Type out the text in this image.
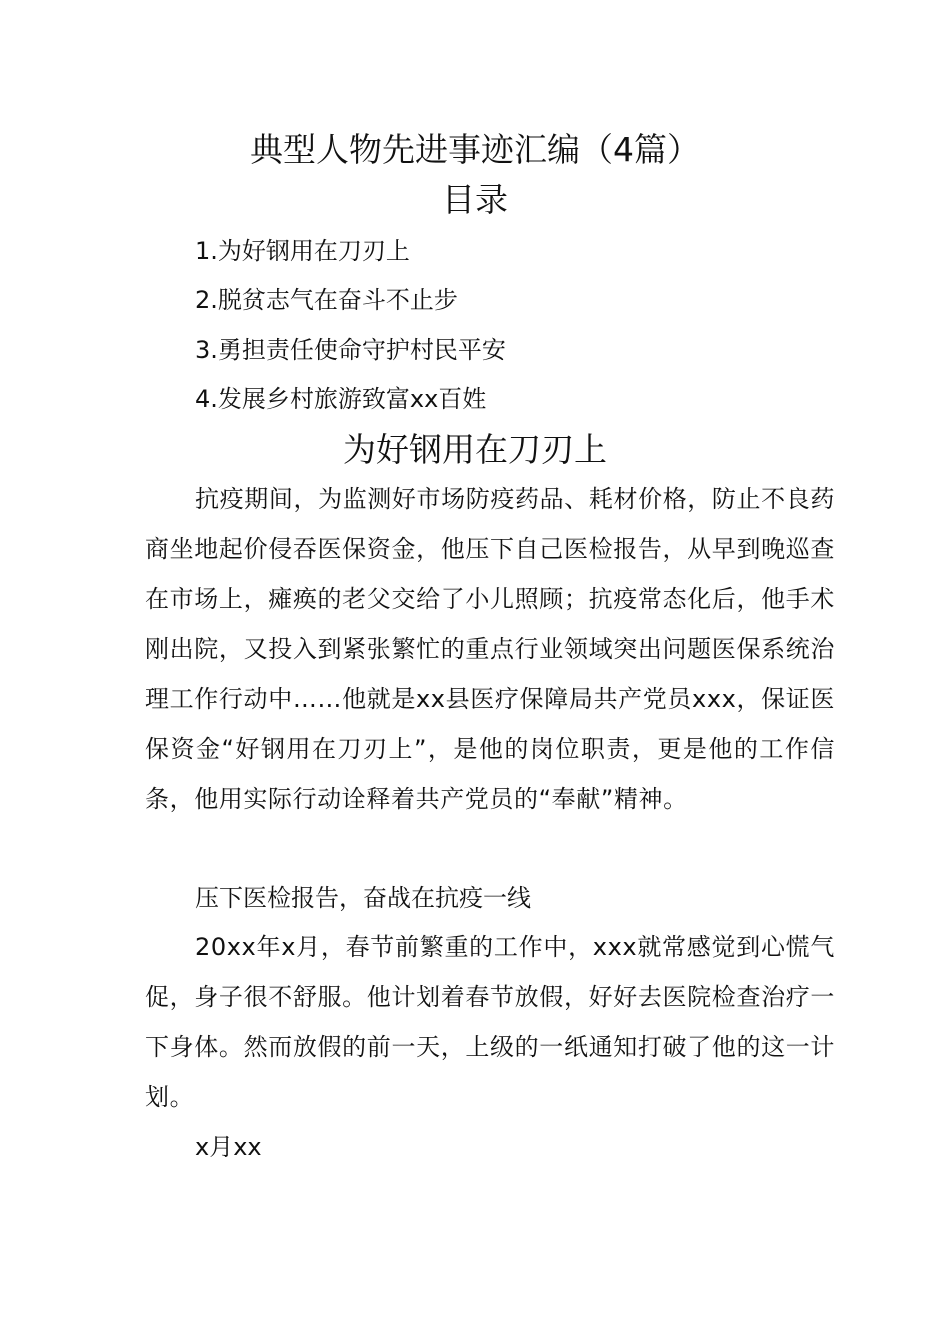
典型人物先进事迹汇编（4篇）
目录
1.为好钢用在刀刃上
2.脱贫志气在奋斗不止步
3.勇担责任使命守护村民平安
4.发展乡村旅游致富xx百姓
为好钢用在刀刃上

抗疫期间，为监测好市场防疫药品、耗材价格，防止不良药商坐地起价侵吞医保资金，他压下自己医检报告，从早到晚巡查在市场上，瘫痪的老父交给了小儿照顾；抗疫常态化后，他手术刚出院，又投入到紧张繁忙的重点行业领域突出问题医保系统治理工作行动中……他就是xx县医疗保障局共产党员xxx，保证医保资金“好钢用在刀刃上”，是他的岗位职责，更是他的工作信条，他用实际行动诠释着共产党员的“奉献”精神。

压下医检报告，奋战在抗疫一线

20xx年x月，春节前繁重的工作中，xxx就常感觉到心慌气促，身子很不舒服。他计划着春节放假，好好去医院检查治疗一下身体。然而放假的前一天，上级的一纸通知打破了他的这一计划。

x月xx
